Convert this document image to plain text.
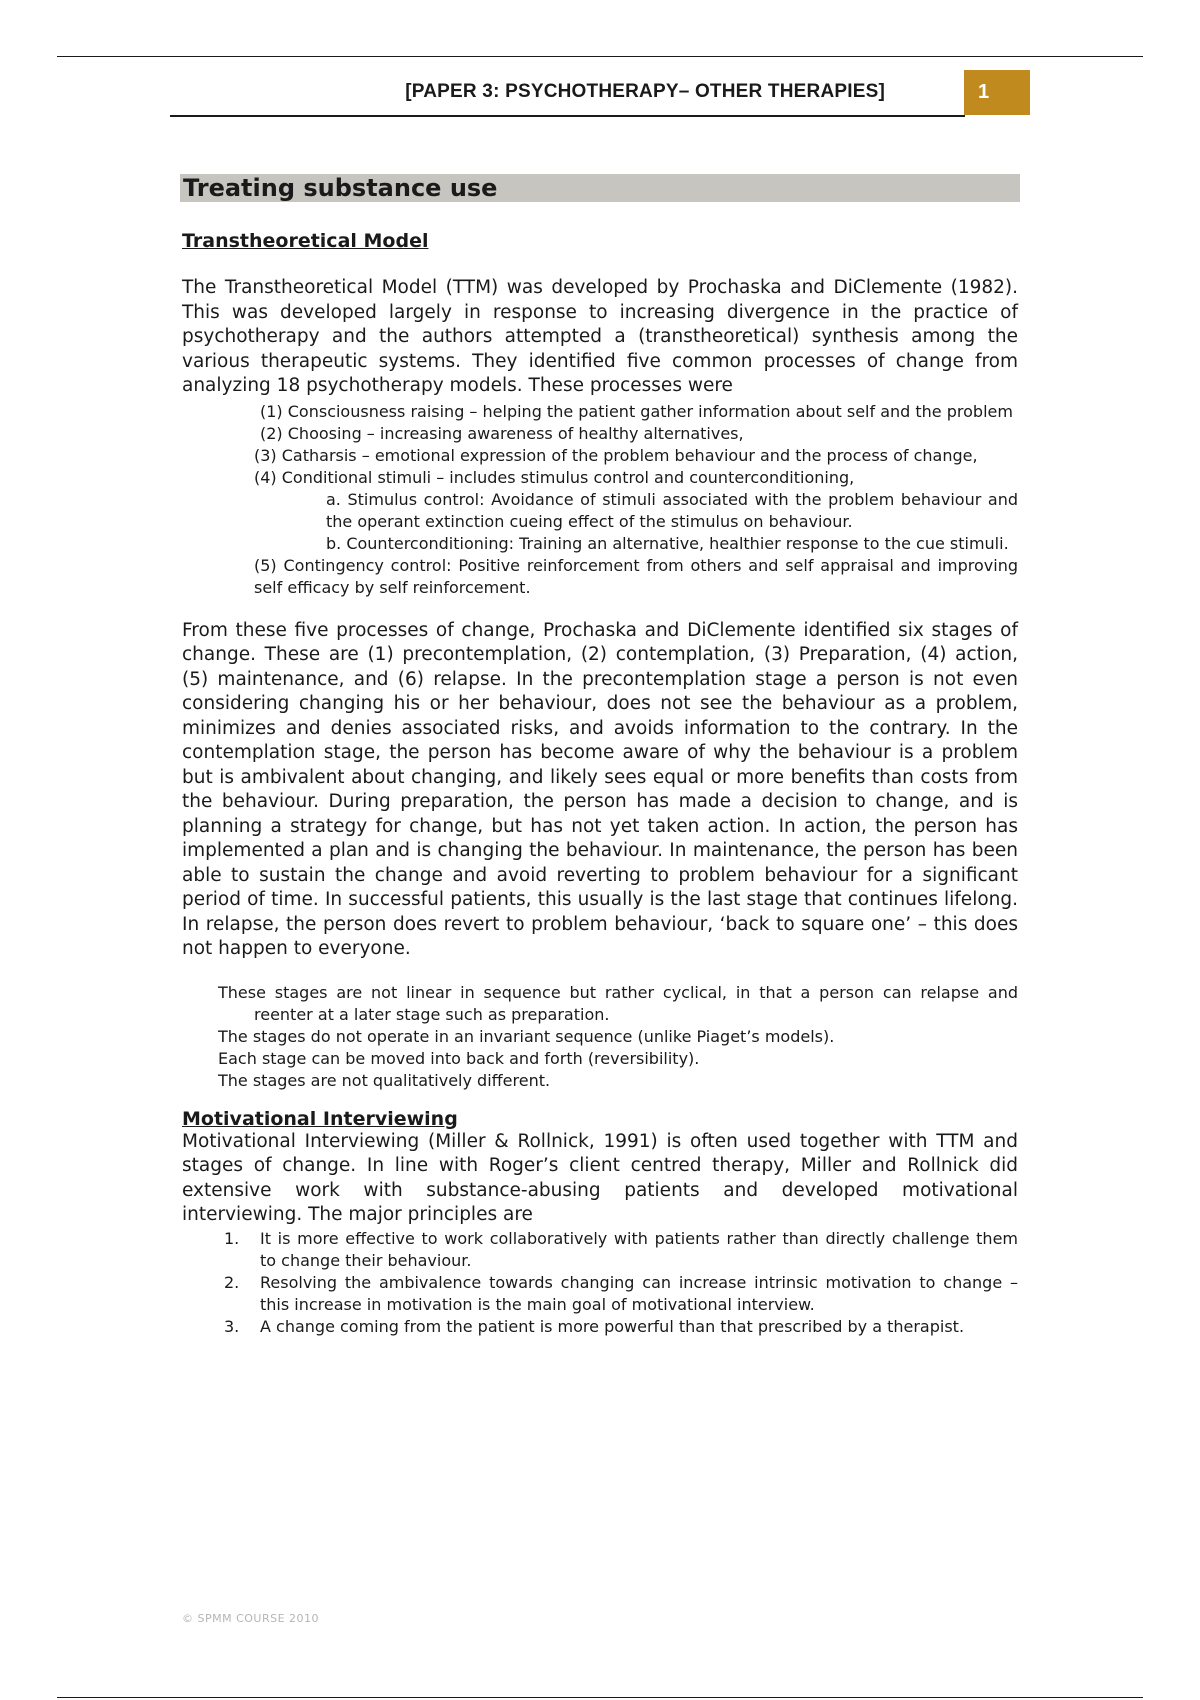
[PAPER 3: PSYCHOTHERAPY– OTHER THERAPIES]	1
Treating substance use

Transtheoretical Model

The Transtheoretical Model (TTM) was developed by Prochaska and DiClemente (1982). This was developed largely in response to increasing divergence in the practice of psychotherapy and the authors attempted a (transtheoretical) synthesis among the various therapeutic systems. They identified five common processes of change from analyzing 18 psychotherapy models. These processes were

(1) Consciousness raising – helping the patient gather information about self and the problem

(2) Choosing – increasing awareness of healthy alternatives,

(3) Catharsis – emotional expression of the problem behaviour and the process of change,

(4) Conditional stimuli – includes stimulus control and counterconditioning,

a. Stimulus control: Avoidance of stimuli associated with the problem behaviour and the operant extinction cueing effect of the stimulus on behaviour.

b. Counterconditioning: Training an alternative, healthier response to the cue stimuli.

(5) Contingency control: Positive reinforcement from others and self appraisal and improving self efficacy by self reinforcement.

From these five processes of change, Prochaska and DiClemente identified six stages of change. These are (1) precontemplation, (2) contemplation, (3) Preparation, (4) action, (5) maintenance, and (6) relapse. In the precontemplation stage a person is not even considering changing his or her behaviour, does not see the behaviour as a problem, minimizes and denies associated risks, and avoids information to the contrary. In the contemplation stage, the person has become aware of why the behaviour is a problem but is ambivalent about changing, and likely sees equal or more benefits than costs from the behaviour. During preparation, the person has made a decision to change, and is planning a strategy for change, but has not yet taken action. In action, the person has implemented a plan and is changing the behaviour. In maintenance, the person has been able to sustain the change and avoid reverting to problem behaviour for a significant period of time. In successful patients, this usually is the last stage that continues lifelong. In relapse, the person does revert to problem behaviour, ‘back to square one’ – this does not happen to everyone.

These stages are not linear in sequence but rather cyclical, in that a person can relapse and reenter at a later stage such as preparation.

The stages do not operate in an invariant sequence (unlike Piaget’s models).

Each stage can be moved into back and forth (reversibility).

The stages are not qualitatively different.

Motivational Interviewing

Motivational Interviewing (Miller & Rollnick, 1991) is often used together with TTM and stages of change. In line with Roger’s client centred therapy, Miller and Rollnick did extensive work with substance-abusing patients and developed motivational interviewing. The major principles are

1. It is more effective to work collaboratively with patients rather than directly challenge them to change their behaviour.

2. Resolving the ambivalence towards changing can increase intrinsic motivation to change – this increase in motivation is the main goal of motivational interview.

3. A change coming from the patient is more powerful than that prescribed by a therapist.

© SPMM COURSE 2010
